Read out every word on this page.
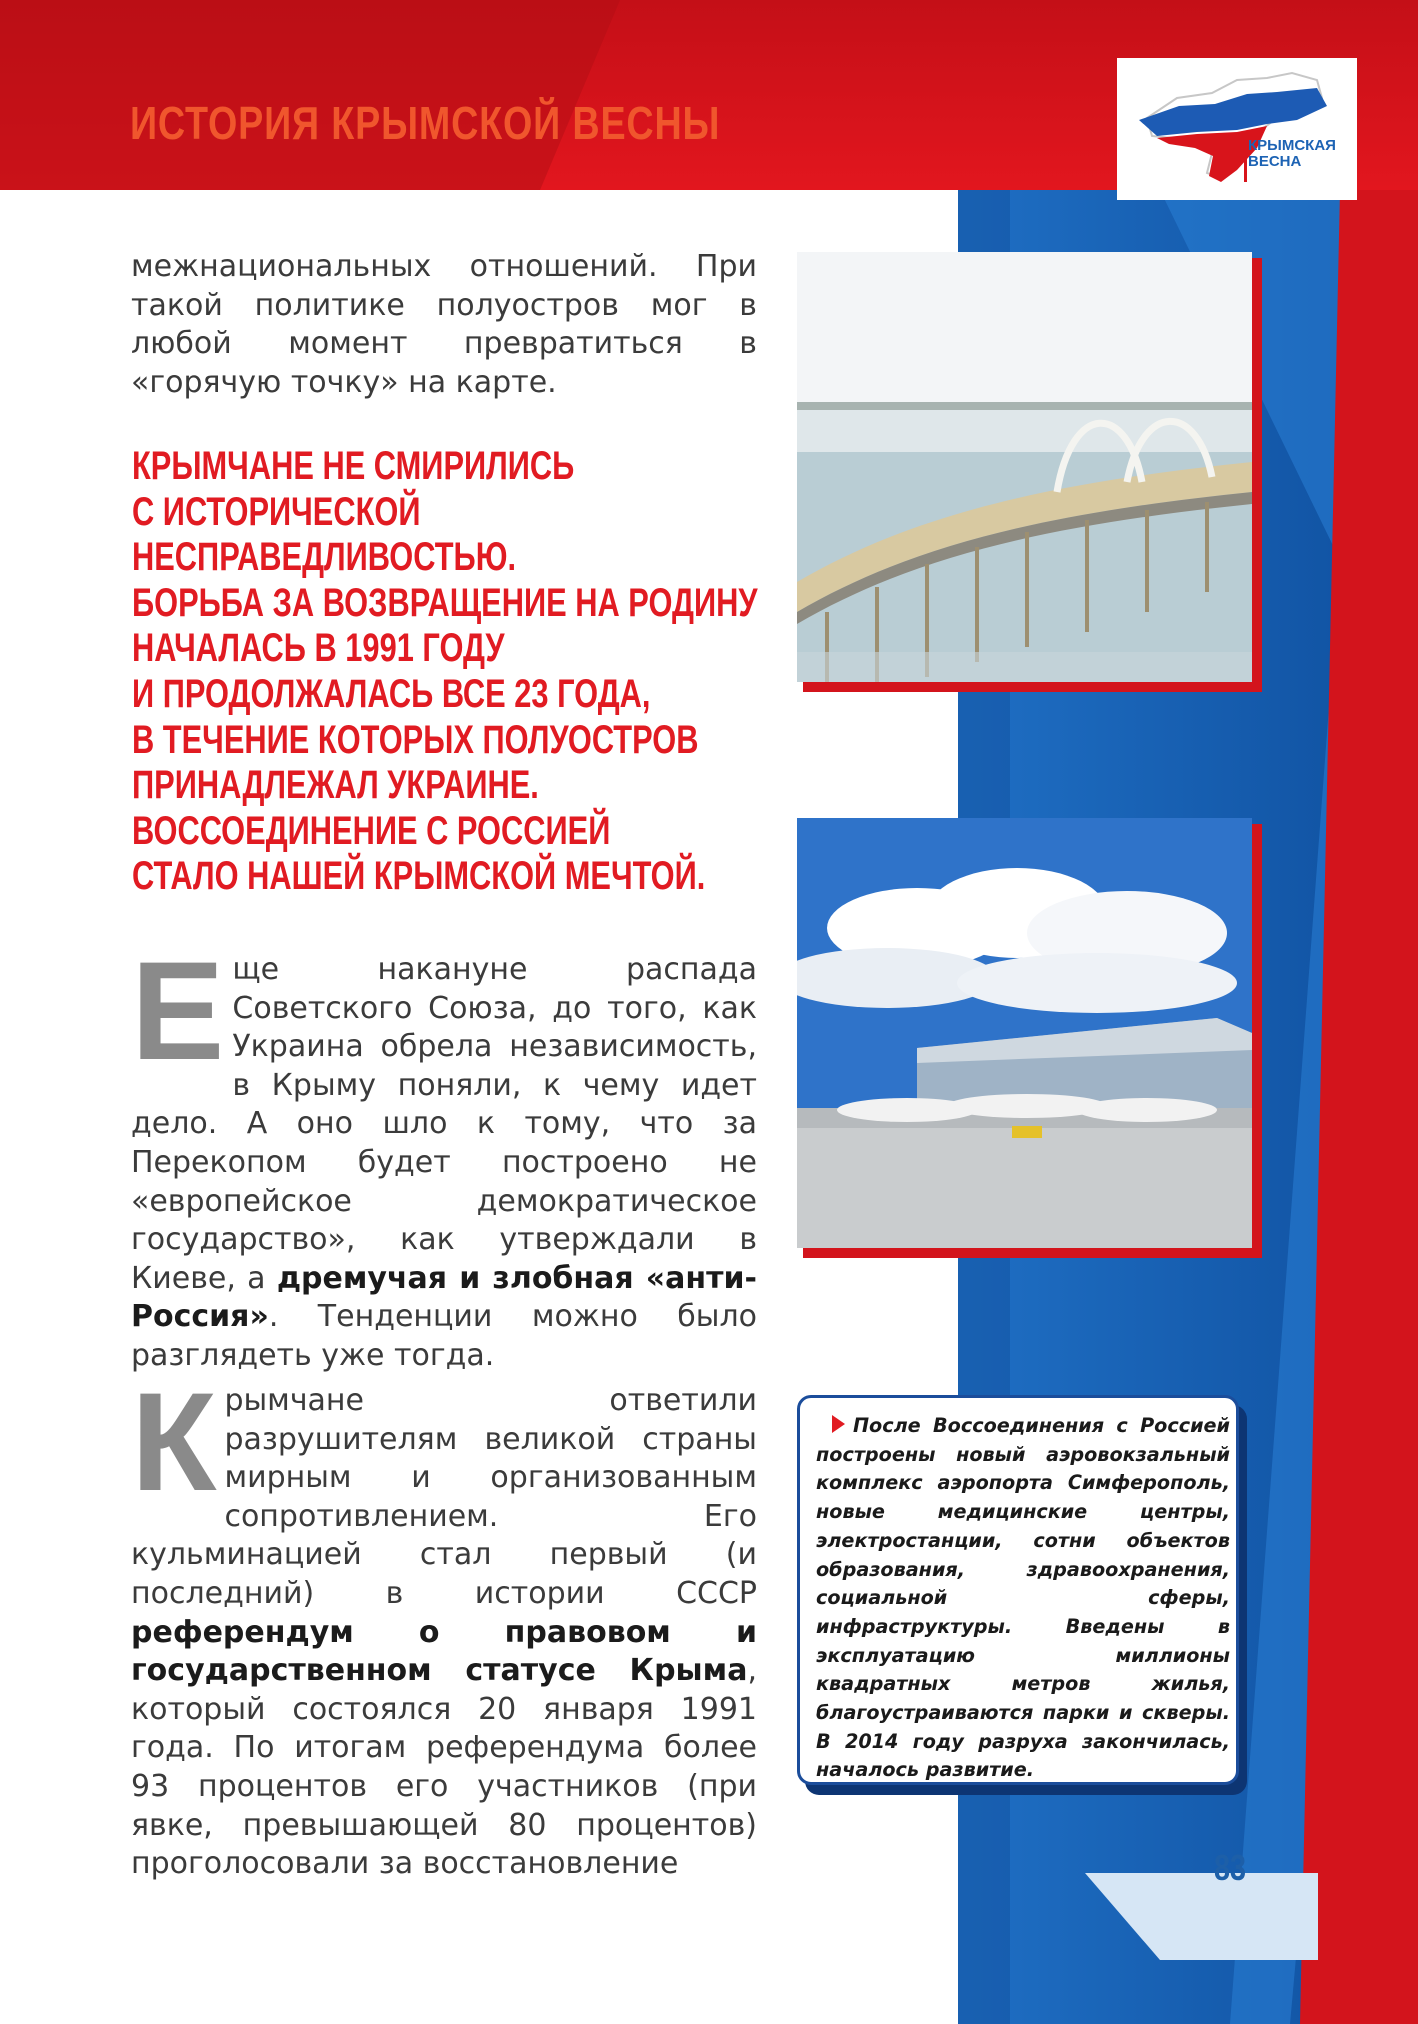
ИСТОРИЯ КРЫМСКОЙ ВЕСНЫ	КРЫМСКАЯ
ВЕСНА
межнациональных отношений. При такой политике полуостров мог в любой момент превратиться в «горячую точку» на карте.
КРЫМЧАНЕ НЕ СМИРИЛИСЬ
С ИСТОРИЧЕСКОЙ
НЕСПРАВЕДЛИВОСТЬЮ.
БОРЬБА ЗА ВОЗВРАЩЕНИЕ НА РОДИНУ
НАЧАЛАСЬ В 1991 ГОДУ
И ПРОДОЛЖАЛАСЬ ВСЕ 23 ГОДА,
В ТЕЧЕНИЕ КОТОРЫХ ПОЛУОСТРОВ
ПРИНАДЛЕЖАЛ УКРАИНЕ.
ВОССОЕДИНЕНИЕ С РОССИЕЙ
СТАЛО НАШЕЙ КРЫМСКОЙ МЕЧТОЙ.
Еще накануне распада Советского Союза, до того, как Украина обрела независимость, в Крыму поняли, к чему идет дело. А оно шло к тому, что за Перекопом будет построено не «европейское демократическое государство», как утверждали в Киеве, а дремучая и злобная «анти-Россия». Тенденции можно было разглядеть уже тогда.
Крымчане ответили разрушителям великой страны мирным и организованным сопротивлением. Его кульминацией стал первый (и последний) в истории СССР референдум о правовом и государственном статусе Крыма, который состоялся 20 января 1991 года. По итогам референдума более 93 процентов его участников (при явке, превышающей 80 процентов) проголосовали за восстановление
После Воссоединения с Россией построены новый аэровокзальный комплекс аэропорта Симферополь, новые медицинские центры, электростанции, сотни объектов образования, здравоохранения, социальной сферы, инфраструктуры. Введены в эксплуатацию миллионы квадратных метров жилья, благоустраиваются парки и скверы. В 2014 году разруха закончилась, началось развитие.
83
